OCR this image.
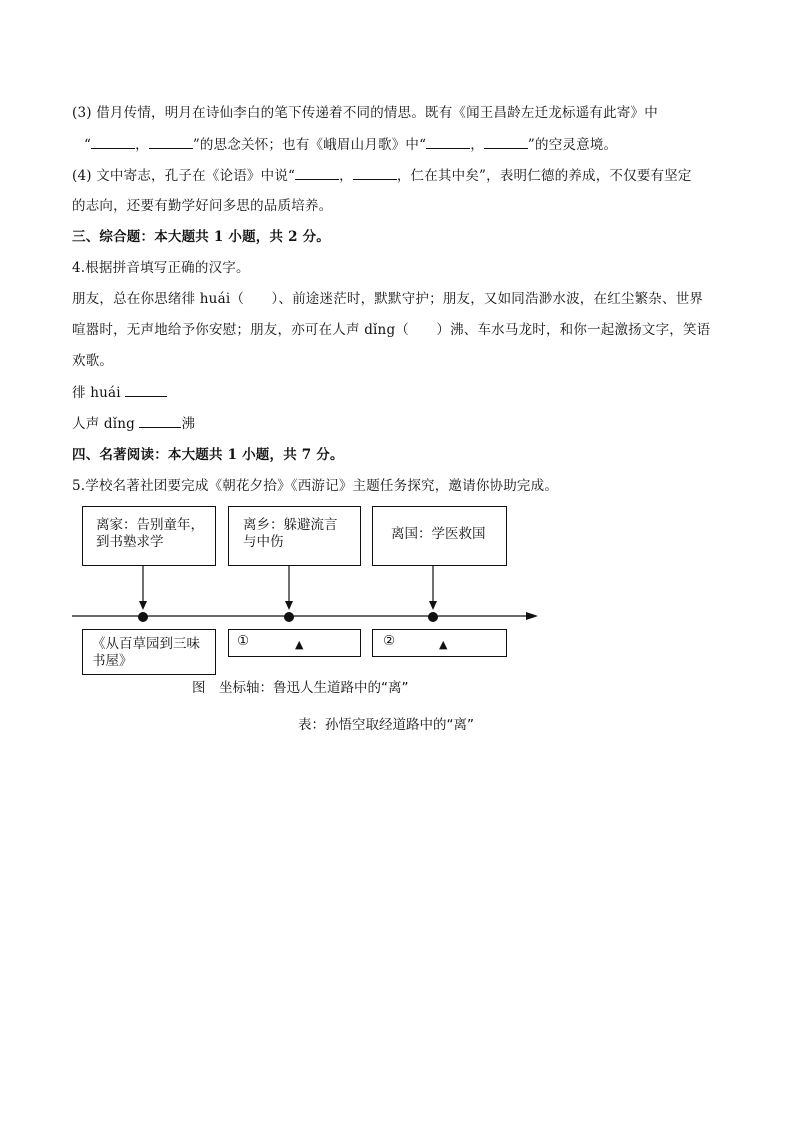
(3) 借月传情，明月在诗仙李白的笔下传递着不同的情思。既有《闻王昌龄左迁龙标遥有此寄》中
“	，	”的思念关怀；也有《峨眉山月歌》中“	，	”的空灵意境。
(4) 文中寄志，孔子在《论语》中说“	，	，仁在其中矣”，表明仁德的养成，不仅要有坚定
的志向，还要有勤学好问多思的品质培养。
三、综合题：本大题共 1 小题，共 2 分。
4.根据拼音填写正确的汉字。
朋友，总在你思绪徘 huái（　　）、前途迷茫时，默默守护；朋友，又如同浩渺水波，在红尘繁杂、世界
喧嚣时，无声地给予你安慰；朋友，亦可在人声 dǐng（　　）沸、车水马龙时，和你一起激扬文字，笑语
欢歌。
徘 huái
人声 dǐng	沸
四、名著阅读：本大题共 1 小题，共 7 分。
5.学校名著社团要完成《朝花夕拾》《西游记》主题任务探究，邀请你协助完成。
离家：告别童年，
到书塾求学
离乡：躲避流言
与中伤	离国：学医救国
《从百草园到三味
书屋》
①	▲	②	▲
图　坐标轴：鲁迅人生道路中的“离”
表：孙悟空取经道路中的“离”
